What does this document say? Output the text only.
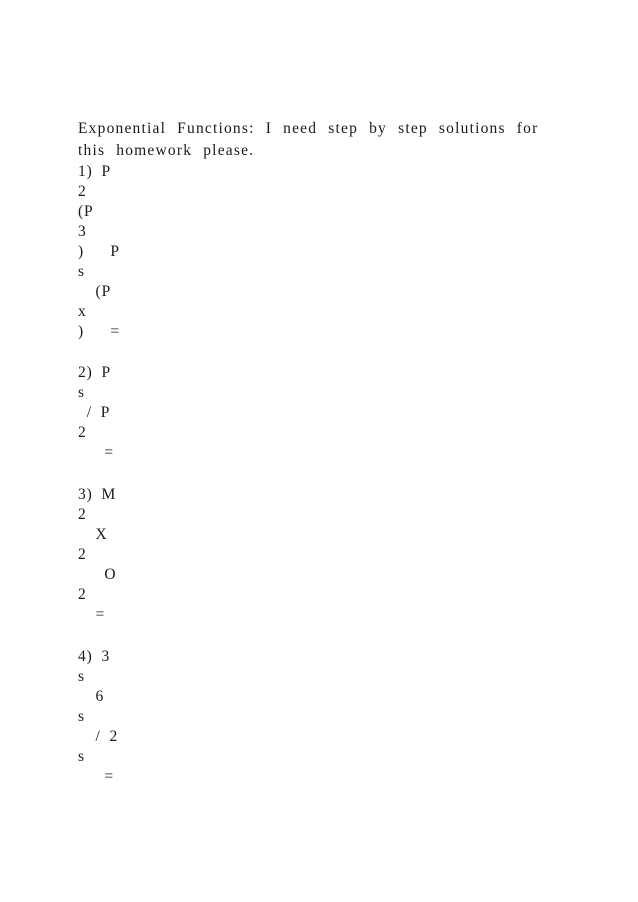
Exponential Functions: I need step by step solutions for
this homework please.
1) P
2
(P
3
)   P
s
(P
x
)   =
2) P
s
/ P
2
=
3) M
2
X
2
O
2
=
4) 3
s
6
s
/ 2
s
=
